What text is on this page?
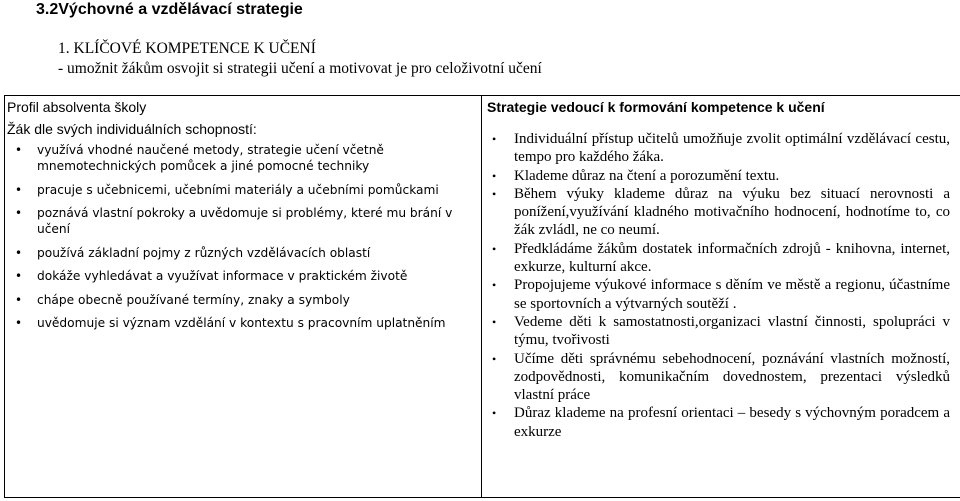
3.2Výchovné a vzdělávací strategie
1. KLÍČOVÉ KOMPETENCE K UČENÍ
- umožnit žákům osvojit si strategii učení a motivovat je pro celoživotní učení
Profil absolventa školy
Žák dle svých individuálních schopností:
• využívá vhodné naučené metody, strategie učení včetně mnemotechnických pomůcek a jiné pomocné techniky
• pracuje s učebnicemi, učebními materiály a učebními pomůckami
• poznává vlastní pokroky a uvědomuje si problémy, které mu brání v učení
• používá základní pojmy z různých vzdělávacích oblastí
• dokáže vyhledávat a využívat informace v praktickém životě
• chápe obecně používané termíny, znaky a symboly
• uvědomuje si význam vzdělání v kontextu s pracovním uplatněním

Strategie vedoucí k formování kompetence k učení
• Individuální přístup učitelů umožňuje zvolit optimální vzdělávací cestu, tempo pro každého žáka.
• Klademe důraz na čtení a porozumění textu.
• Během výuky klademe důraz na výuku bez situací nerovnosti a ponížení,využívání kladného motivačního hodnocení, hodnotíme to, co žák zvládl, ne co neumí.
• Předkládáme žákům dostatek informačních zdrojů - knihovna, internet, exkurze, kulturní akce.
• Propojujeme výukové informace s děním ve městě a regionu, účastníme se sportovních a výtvarných soutěží .
• Vedeme děti k samostatnosti,organizaci vlastní činnosti, spolupráci v týmu, tvořivosti
• Učíme děti správnému sebehodnocení, poznávání vlastních možností, zodpovědnosti, komunikačním dovednostem, prezentaci výsledků vlastní práce
• Důraz klademe na profesní orientaci – besedy s výchovným poradcem a exkurze
